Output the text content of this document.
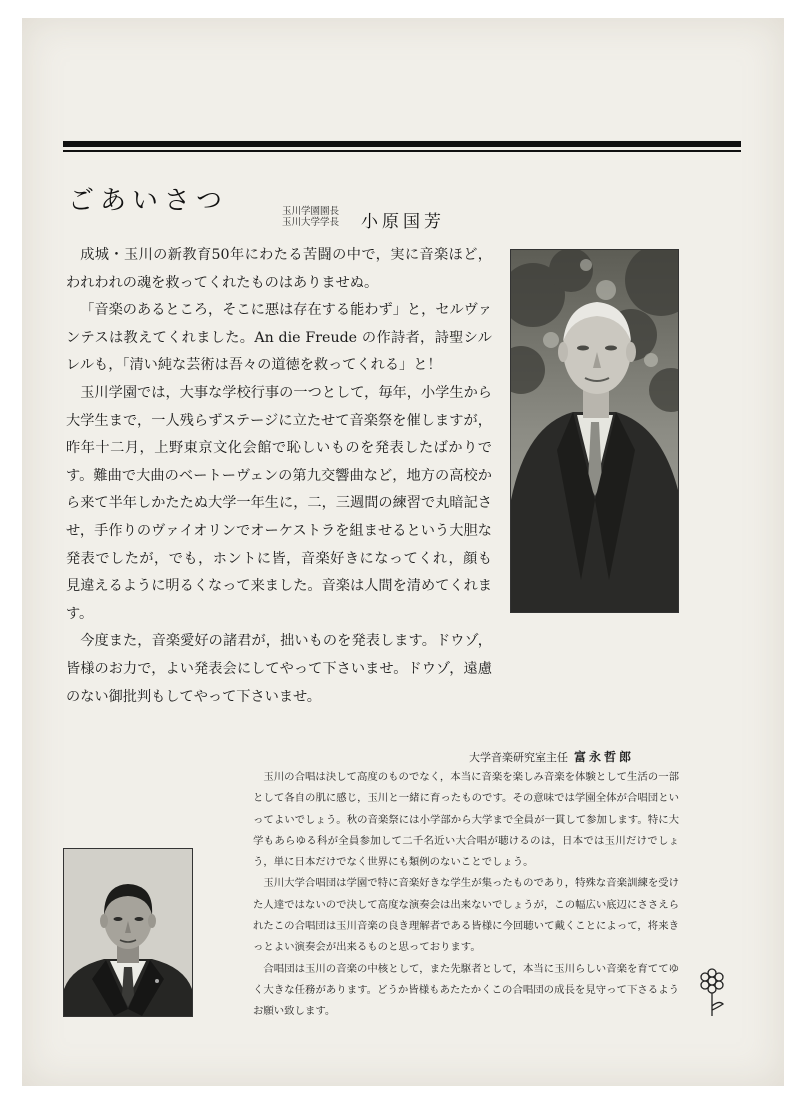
ごあいさつ	玉川学園園長
玉川大学学長 小原国芳

成城・玉川の新教育50年にわたる苦闘の中で，実に音楽ほど，われわれの魂を救ってくれたものはありませぬ。

「音楽のあるところ，そこに悪は存在する能わず」と，セルヴァンテスは教えてくれました。An die Freude の作詩者，詩聖シルレルも，「清い純な芸術は吾々の道徳を救ってくれる」と！

玉川学園では，大事な学校行事の一つとして，毎年，小学生から大学生まで，一人残らずステージに立たせて音楽祭を催しますが，昨年十二月，上野東京文化会館で恥しいものを発表したばかりです。難曲で大曲のベートーヴェンの第九交響曲など，地方の高校から来て半年しかたたぬ大学一年生に，二，三週間の練習で丸暗記させ，手作りのヴァイオリンでオーケストラを組ませるという大胆な発表でしたが，でも，ホントに皆，音楽好きになってくれ，顔も見違えるように明るくなって来ました。音楽は人間を清めてくれます。

今度また，音楽愛好の諸君が，拙いものを発表します。ドウゾ，皆様のお力で，よい発表会にしてやって下さいませ。ドウゾ，遠慮のない御批判もしてやって下さいませ。

大学音楽研究室主任 富永哲郎

玉川の合唱は決して高度のものでなく，本当に音楽を楽しみ音楽を体験として生活の一部として各自の肌に感じ，玉川と一緒に育ったものです。その意味では学園全体が合唱団といってよいでしょう。秋の音楽祭には小学部から大学まで全員が一貫して参加します。特に大学もあらゆる科が全員参加して二千名近い大合唱が聴けるのは，日本では玉川だけでしょう，単に日本だけでなく世界にも類例のないことでしょう。

玉川大学合唱団は学園で特に音楽好きな学生が集ったものであり，特殊な音楽訓練を受けた人達ではないので決して高度な演奏会は出来ないでしょうが，この幅広い底辺にささえられたこの合唱団は玉川音楽の良き理解者である皆様に今回聴いて戴くことによって，将来きっとよい演奏会が出来るものと思っております。

合唱団は玉川の音楽の中核として，また先駆者として，本当に玉川らしい音楽を育ててゆく大きな任務があります。どうか皆様もあたたかくこの合唱団の成長を見守って下さるようお願い致します。
